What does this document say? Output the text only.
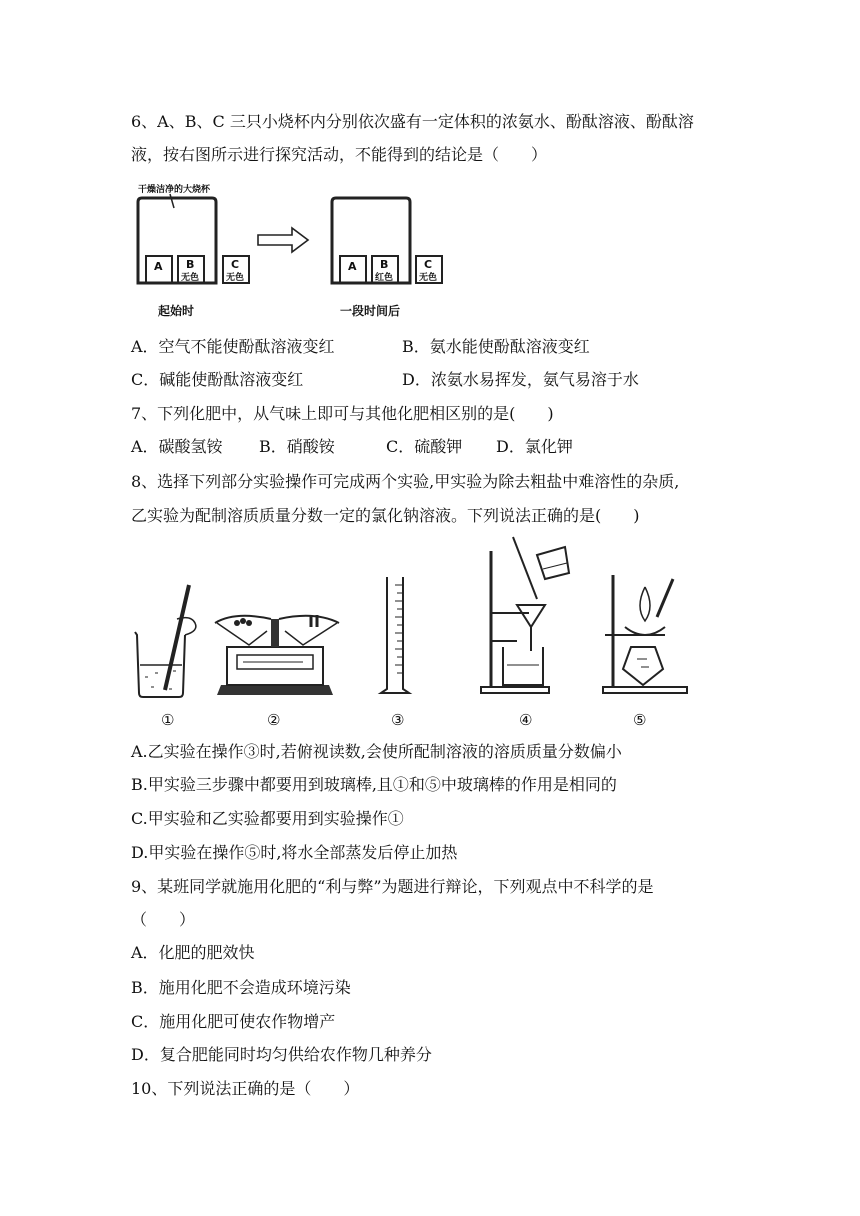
6、A、B、C 三只小烧杯内分别依次盛有一定体积的浓氨水、酚酞溶液、酚酞溶
液，按右图所示进行探究活动，不能得到的结论是（　　）
干燥洁净的大烧杯
A B
无色
C
无色
A B
红色
C
无色
起始时	一段时间后
A．空气不能使酚酞溶液变红	B．氨水能使酚酞溶液变红
C．碱能使酚酞溶液变红	D．浓氨水易挥发，氨气易溶于水
7、下列化肥中，从气味上即可与其他化肥相区别的是(　　)
A．碳酸氢铵 B．硝酸铵	C．硫酸钾 D．氯化钾
8、选择下列部分实验操作可完成两个实验,甲实验为除去粗盐中难溶性的杂质,
乙实验为配制溶质质量分数一定的氯化钠溶液。下列说法正确的是(　　)
①	②	③	④	⑤
A.乙实验在操作③时,若俯视读数,会使所配制溶液的溶质质量分数偏小
B.甲实验三步骤中都要用到玻璃棒,且①和⑤中玻璃棒的作用是相同的
C.甲实验和乙实验都要用到实验操作①
D.甲实验在操作⑤时,将水全部蒸发后停止加热
9、某班同学就施用化肥的“利与弊”为题进行辩论，下列观点中不科学的是
（　　）
A．化肥的肥效快
B．施用化肥不会造成环境污染
C．施用化肥可使农作物增产
D．复合肥能同时均匀供给农作物几种养分
10、下列说法正确的是（　　）
